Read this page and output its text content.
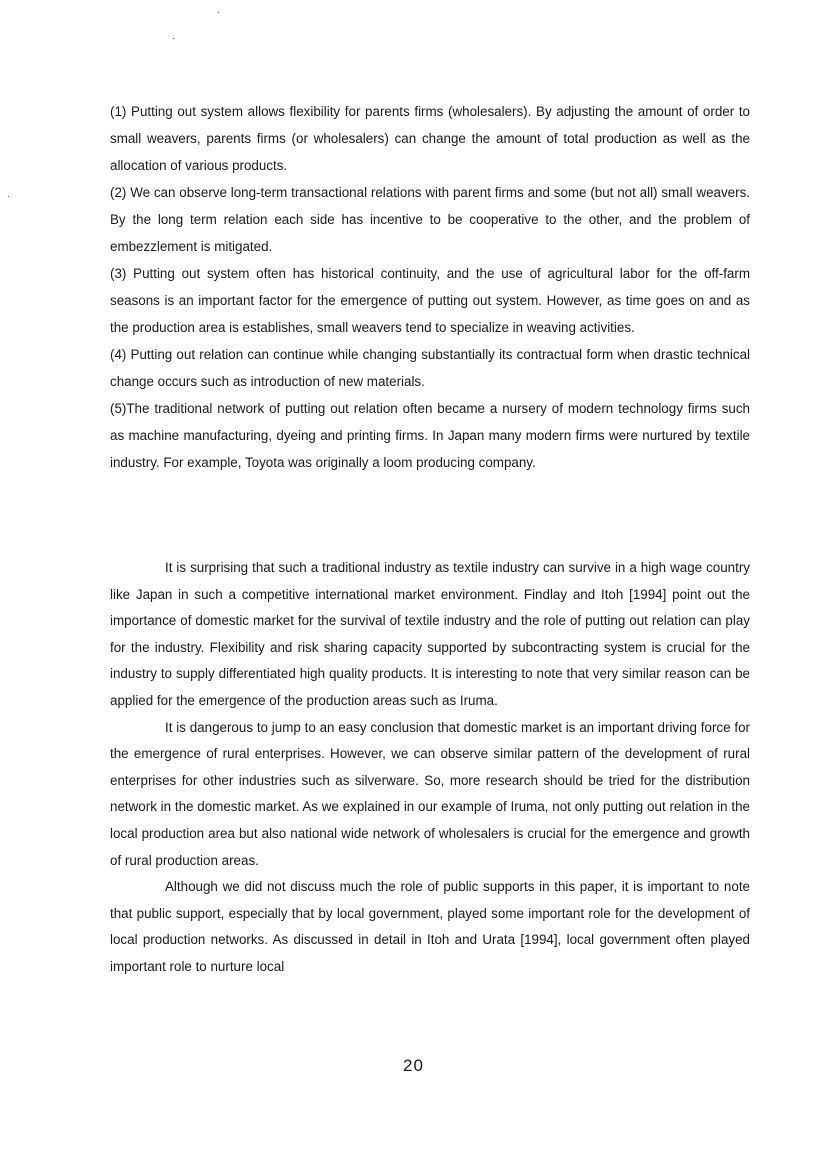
(1) Putting out system allows flexibility for parents firms (wholesalers). By adjusting the amount of order to small weavers, parents firms (or wholesalers) can change the amount of total production as well as the allocation of various products.

(2) We can observe long-term transactional relations with parent firms and some (but not all) small weavers. By the long term relation each side has incentive to be cooperative to the other, and the problem of embezzlement is mitigated.

(3) Putting out system often has historical continuity, and the use of agricultural labor for the off-farm seasons is an important factor for the emergence of putting out system. However, as time goes on and as the production area is establishes, small weavers tend to specialize in weaving activities.

(4) Putting out relation can continue while changing substantially its contractual form when drastic technical change occurs such as introduction of new materials.

(5)The traditional network of putting out relation often became a nursery of modern technology firms such as machine manufacturing, dyeing and printing firms. In Japan many modern firms were nurtured by textile industry. For example, Toyota was originally a loom producing company.

It is surprising that such a traditional industry as textile industry can survive in a high wage country like Japan in such a competitive international market environment. Findlay and Itoh [1994] point out the importance of domestic market for the survival of textile industry and the role of putting out relation can play for the industry. Flexibility and risk sharing capacity supported by subcontracting system is crucial for the industry to supply differentiated high quality products. It is interesting to note that very similar reason can be applied for the emergence of the production areas such as Iruma.

It is dangerous to jump to an easy conclusion that domestic market is an important driving force for the emergence of rural enterprises. However, we can observe similar pattern of the development of rural enterprises for other industries such as silverware. So, more research should be tried for the distribution network in the domestic market. As we explained in our example of Iruma, not only putting out relation in the local production area but also national wide network of wholesalers is crucial for the emergence and growth of rural production areas.

Although we did not discuss much the role of public supports in this paper, it is important to note that public support, especially that by local government, played some important role for the development of local production networks. As discussed in detail in Itoh and Urata [1994], local government often played important role to nurture local

20
